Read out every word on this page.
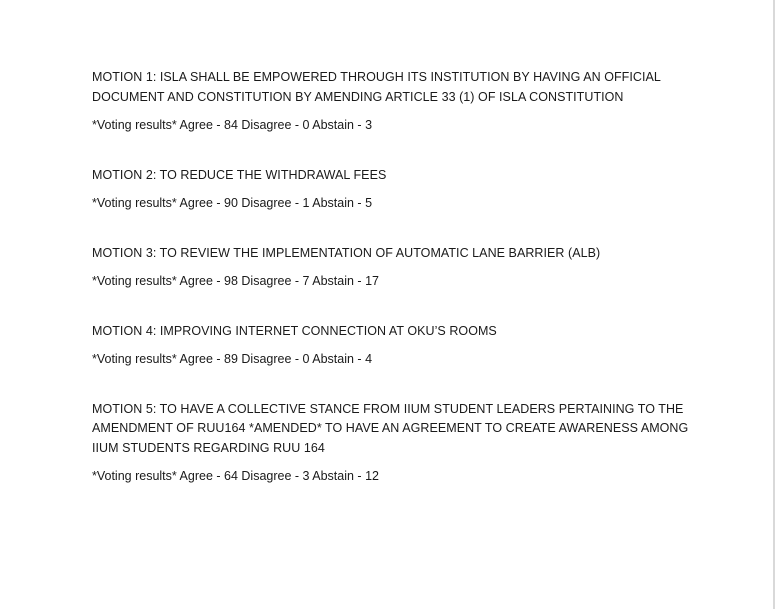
MOTION 1: ISLA SHALL BE EMPOWERED THROUGH ITS INSTITUTION BY HAVING AN OFFICIAL DOCUMENT AND CONSTITUTION BY AMENDING ARTICLE 33 (1) OF ISLA CONSTITUTION

*Voting results* Agree - 84 Disagree - 0 Abstain - 3

MOTION 2: TO REDUCE THE WITHDRAWAL FEES

*Voting results* Agree - 90 Disagree - 1 Abstain - 5

MOTION 3: TO REVIEW THE IMPLEMENTATION OF AUTOMATIC LANE BARRIER (ALB)

*Voting results* Agree - 98 Disagree - 7 Abstain - 17

MOTION 4: IMPROVING INTERNET CONNECTION AT OKU’S ROOMS

*Voting results* Agree - 89 Disagree - 0 Abstain - 4

MOTION 5: TO HAVE A COLLECTIVE STANCE FROM IIUM STUDENT LEADERS PERTAINING TO THE AMENDMENT OF RUU164 *AMENDED* TO HAVE AN AGREEMENT TO CREATE AWARENESS AMONG IIUM STUDENTS REGARDING RUU 164

*Voting results* Agree - 64 Disagree - 3 Abstain - 12
